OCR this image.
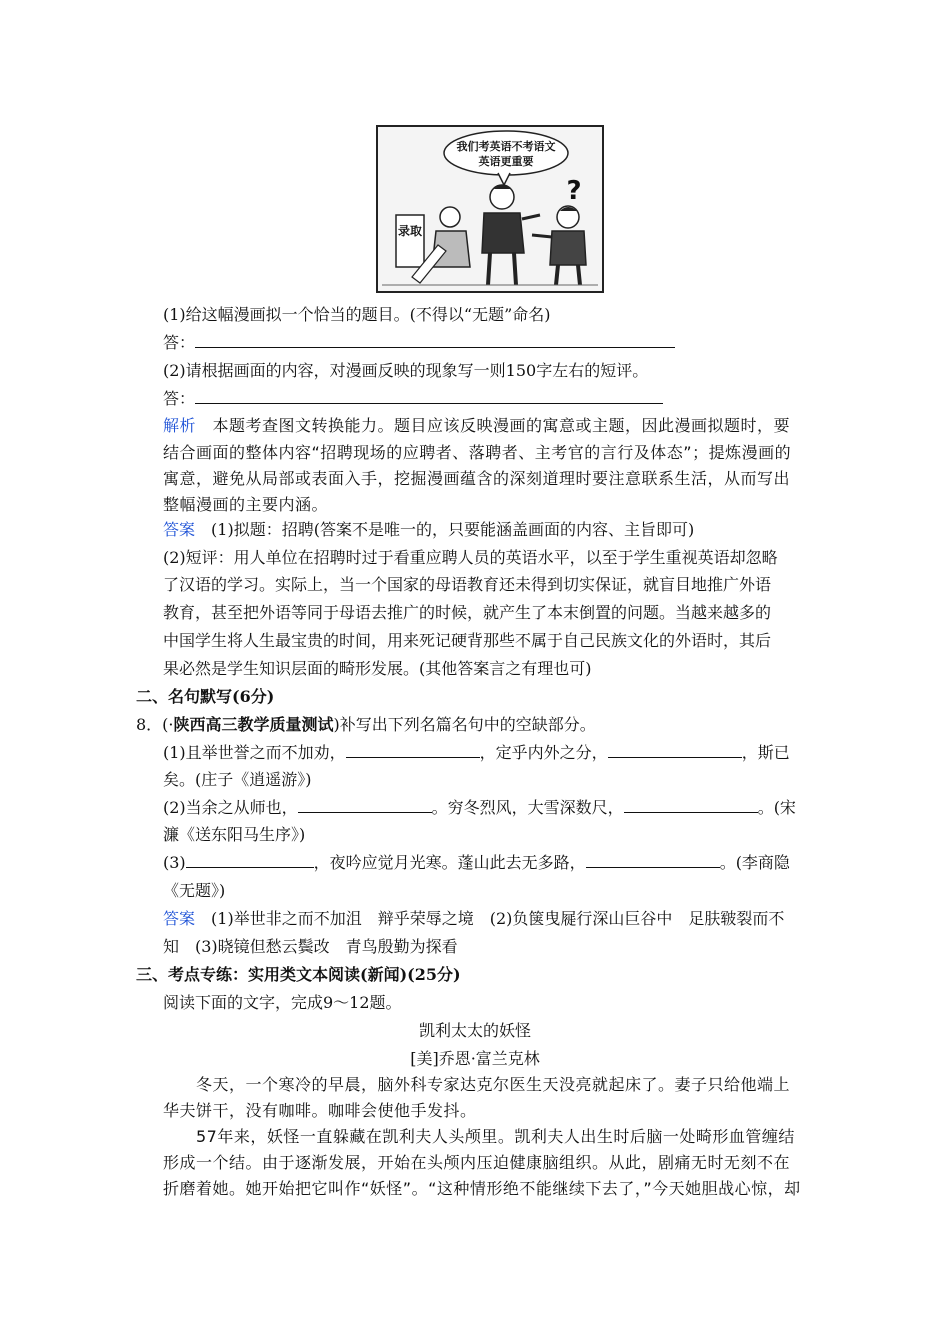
我们考英语不考语文
英语更重要
?
录取
(1)给这幅漫画拟一个恰当的题目。(不得以“无题”命名)
答：
(2)请根据画面的内容，对漫画反映的现象写一则150字左右的短评。
答：
解析　 本题考查图文转换能力。题目应该反映漫画的寓意或主题，因此漫画拟题时，要
结合画面的整体内容“招聘现场的应聘者、落聘者、主考官的言行及体态”；提炼漫画的
寓意，避免从局部或表面入手，挖掘漫画蕴含的深刻道理时要注意联系生活，从而写出
整幅漫画的主要内涵。
答案　 (1)拟题：招聘(答案不是唯一的，只要能涵盖画面的内容、主旨即可)
(2)短评：用人单位在招聘时过于看重应聘人员的英语水平，以至于学生重视英语却忽略
了汉语的学习。实际上，当一个国家的母语教育还未得到切实保证，就盲目地推广外语
教育，甚至把外语等同于母语去推广的时候，就产生了本末倒置的问题。当越来越多的
中国学生将人生最宝贵的时间，用来死记硬背那些不属于自己民族文化的外语时，其后
果必然是学生知识层面的畸形发展。(其他答案言之有理也可)
二、名句默写(6分)
8．(·陕西高三教学质量测试)补写出下列名篇名句中的空缺部分。
(1)且举世誉之而不加劝，	，定乎内外之分，	，斯已
矣。(庄子《逍遥游》)
(2)当余之从师也，	。穷冬烈风，大雪深数尺，	。(宋
濂《送东阳马生序》)
(3)	，夜吟应觉月光寒。蓬山此去无多路，	。(李商隐
《无题》)
答案　 (1)举世非之而不加沮　辩乎荣辱之境　(2)负箧曳屣行深山巨谷中　足肤皲裂而不
知　(3)晓镜但愁云鬓改　青鸟殷勤为探看
三、考点专练：实用类文本阅读(新闻)(25分)
阅读下面的文字，完成9～12题。
凯利太太的妖怪
[美]乔恩·富兰克林
冬天，一个寒冷的早晨，脑外科专家达克尔医生天没亮就起床了。妻子只给他端上
华夫饼干，没有咖啡。咖啡会使他手发抖。
57年来，妖怪一直躲藏在凯利夫人头颅里。凯利夫人出生时后脑一处畸形血管缠结
形成一个结。由于逐渐发展，开始在头颅内压迫健康脑组织。从此，剧痛无时无刻不在
折磨着她。她开始把它叫作“妖怪”。“这种情形绝不能继续下去了，”今天她胆战心惊，却
